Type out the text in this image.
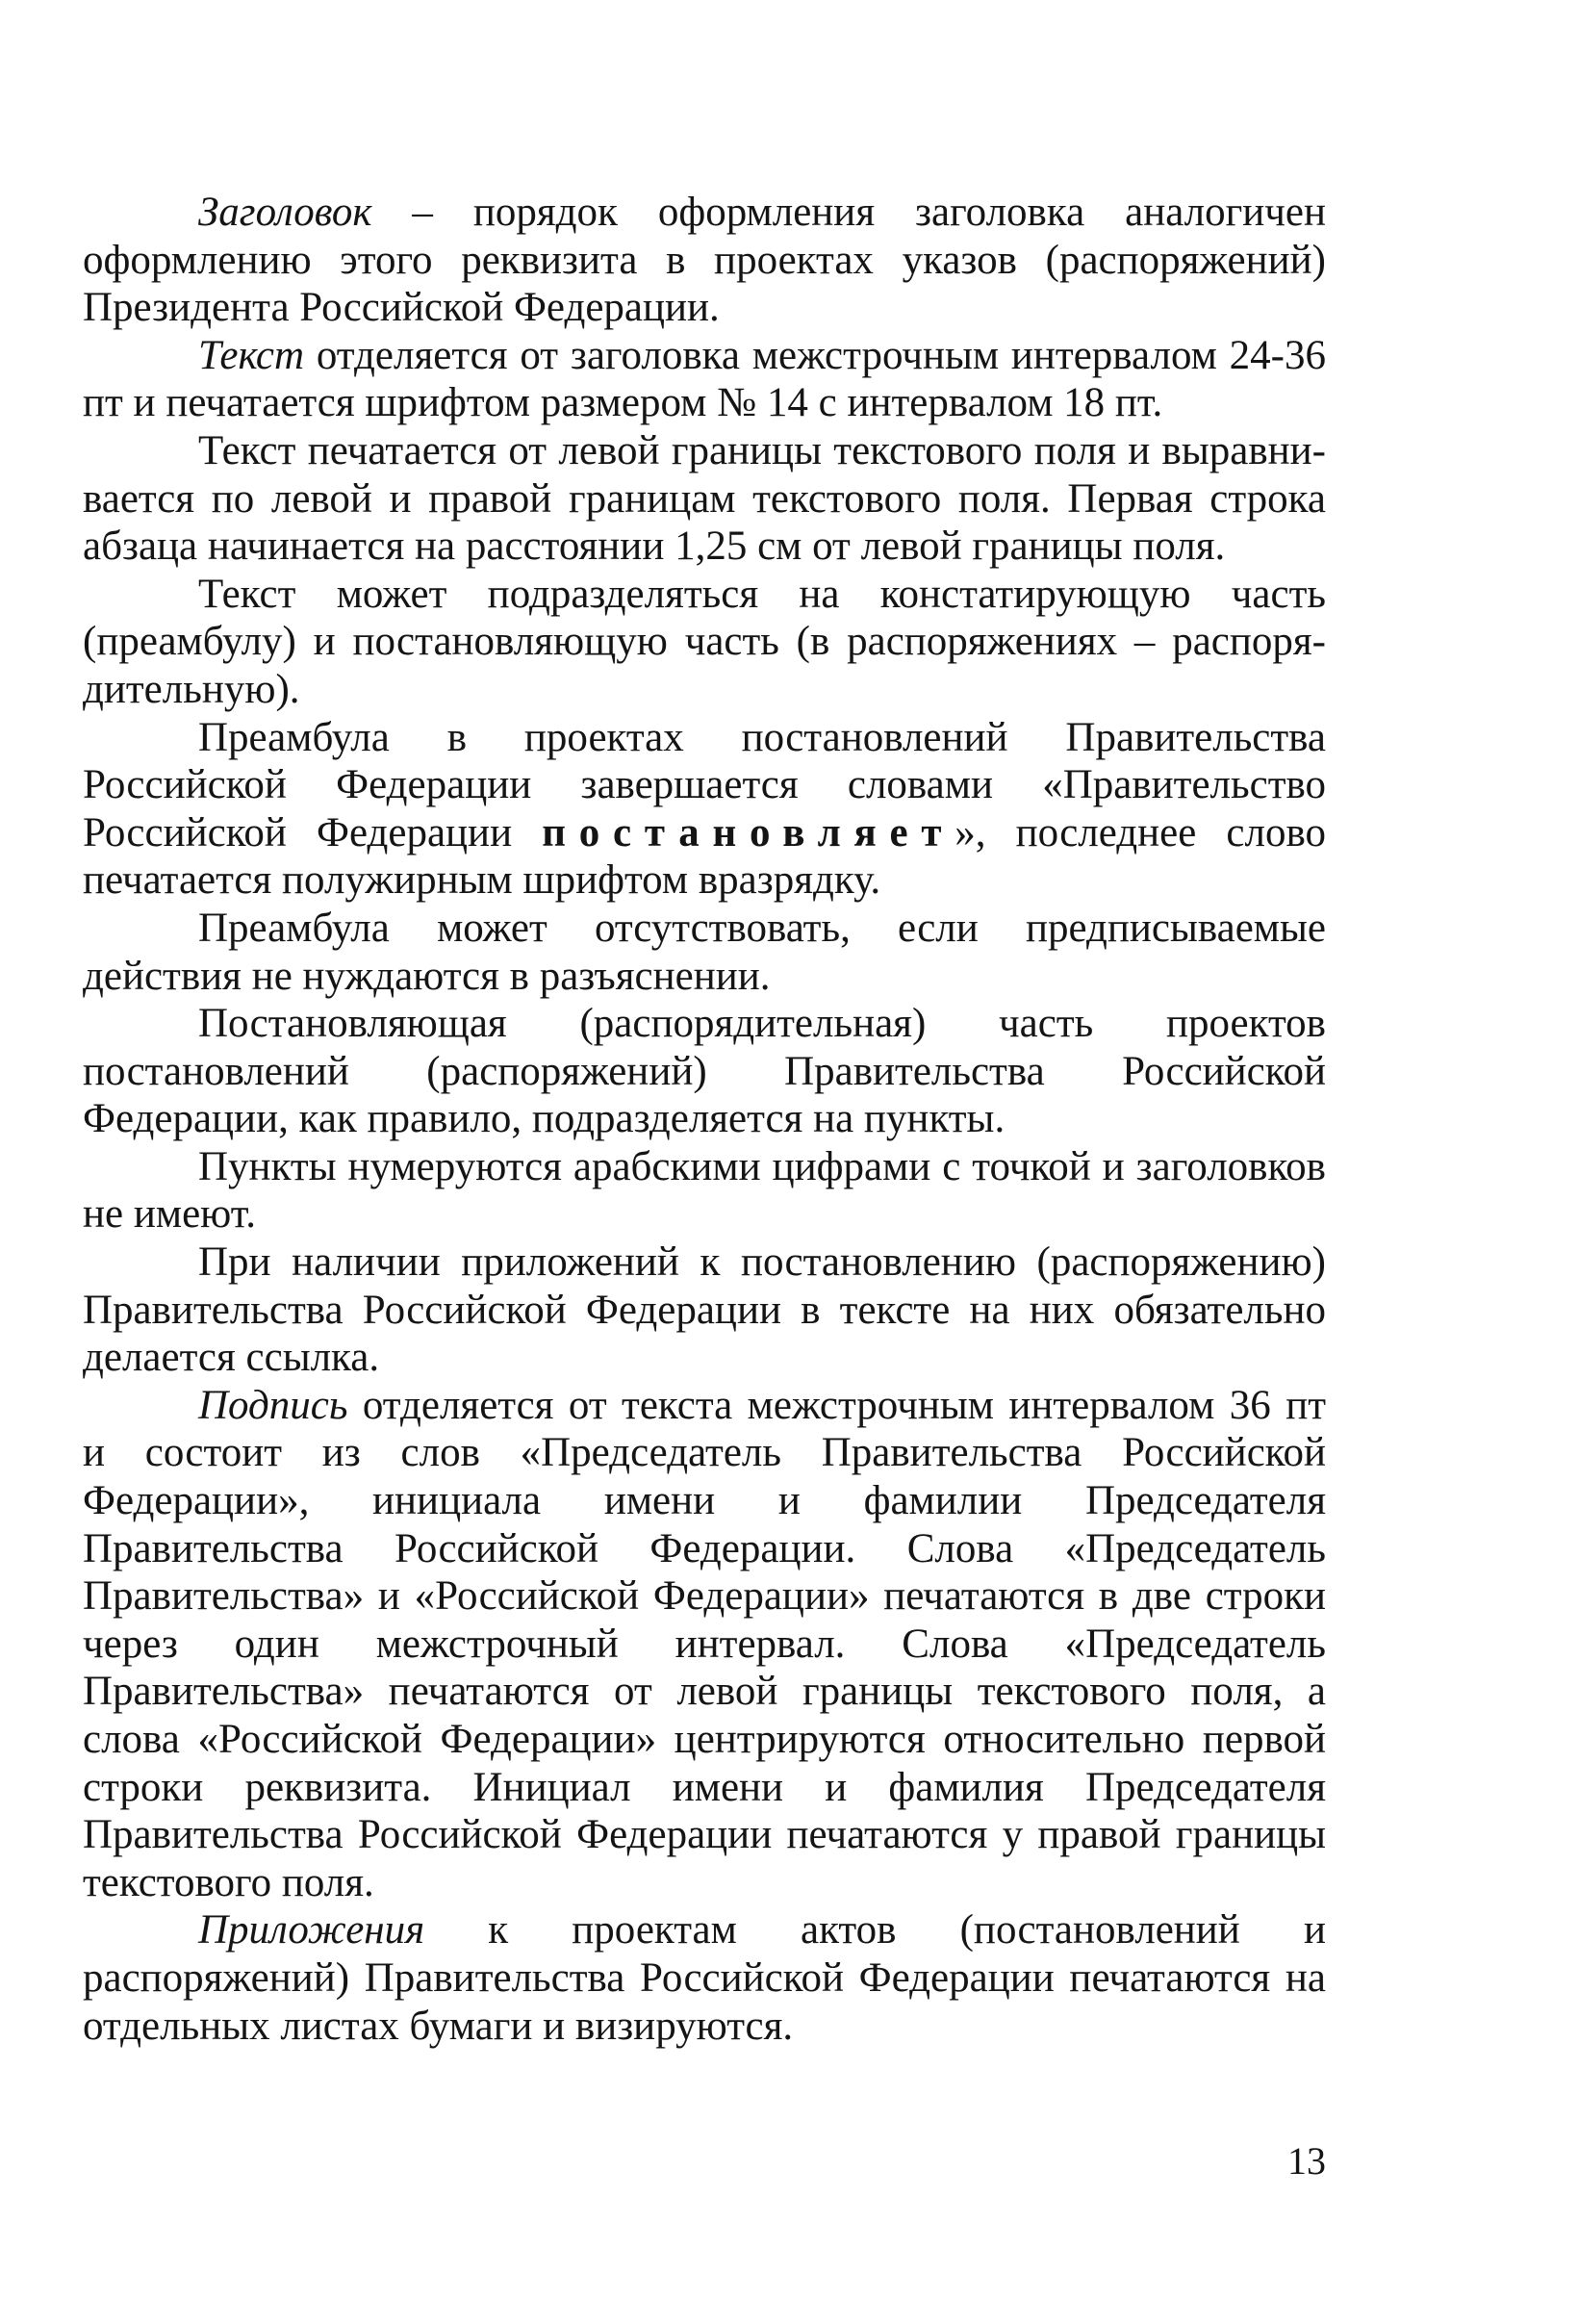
Заголовок – порядок оформления заголовка аналогичен оформлению этого реквизита в проектах указов (распоряжений) Президента Российской Федерации.

Текст отделяется от заголовка межстрочным интервалом 24-36 пт и печатается шрифтом размером № 14 с интервалом 18 пт.

Текст печатается от левой границы текстового поля и выравнивается по левой и правой границам текстового поля. Первая строка абзаца начинается на расстоянии 1,25 см от левой границы поля.

Текст может подразделяться на констатирующую часть (преамбулу) и постановляющую часть (в распоряжениях – распорядительную).

Преамбула в проектах постановлений Правительства Российской Федерации завершается словами «Правительство Российской Федерации постановляет», последнее слово печатается полужирным шрифтом вразрядку.

Преамбула может отсутствовать, если предписываемые действия не нуждаются в разъяснении.

Постановляющая (распорядительная) часть проектов постановлений (распоряжений) Правительства Российской Федерации, как правило, подразделяется на пункты.

Пункты нумеруются арабскими цифрами с точкой и заголовков не имеют.

При наличии приложений к постановлению (распоряжению) Правительства Российской Федерации в тексте на них обязательно делается ссылка.

Подпись отделяется от текста межстрочным интервалом 36 пт и состоит из слов «Председатель Правительства Российской Федерации», инициала имени и фамилии Председателя Правительства Российской Федерации. Слова «Председатель Правительства» и «Российской Федерации» печатаются в две строки через один межстрочный интервал. Слова «Председатель Правительства» печатаются от левой границы текстового поля, а слова «Российской Федерации» центрируются относительно первой строки реквизита. Инициал имени и фамилия Председателя Правительства Российской Федерации печатаются у правой границы текстового поля.

Приложения к проектам актов (постановлений и распоряжений) Правительства Российской Федерации печатаются на отдельных листах бумаги и визируются.

13
